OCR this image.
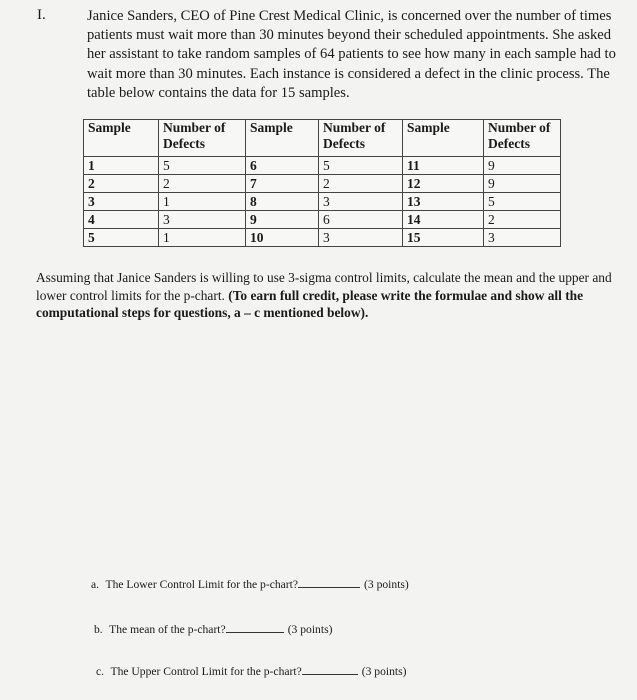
I.	Janice Sanders, CEO of Pine Crest Medical Clinic, is concerned over the number of times patients must wait more than 30 minutes beyond their scheduled appointments. She asked her assistant to take random samples of 64 patients to see how many in each sample had to wait more than 30 minutes. Each instance is considered a defect in the clinic process. The table below contains the data for 15 samples.

Sample	Number of Defects	Sample	Number of Defects	Sample	Number of Defects
1	5	6	5	11	9
2	2	7	2	12	9
3	1	8	3	13	5
4	3	9	6	14	2
5	1	10	3	15	3

Assuming that Janice Sanders is willing to use 3-sigma control limits, calculate the mean and the upper and lower control limits for the p-chart. (To earn full credit, please write the formulae and show all the computational steps for questions, a – c mentioned below).

a. The Lower Control Limit for the p-chart?	(3 points)
b. The mean of the p-chart?	(3 points)
c. The Upper Control Limit for the p-chart?	(3 points)
